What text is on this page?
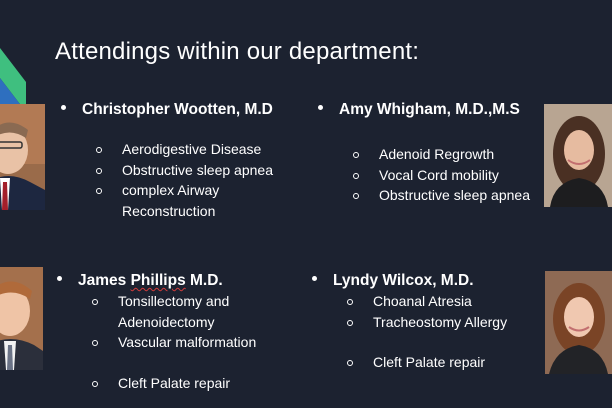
Attendings within our department:
Christopher Wootten, M.D
Aerodigestive Disease
Obstructive sleep apnea
complex Airway
Reconstruction
Amy Whigham, M.D.,M.S
Adenoid Regrowth
Vocal Cord mobility
Obstructive sleep apnea
James Phillips M.D.
Tonsillectomy and
Adenoidectomy
Vascular malformation
Cleft Palate repair
Lyndy Wilcox, M.D.
Choanal Atresia
Tracheostomy Allergy
Cleft Palate repair
